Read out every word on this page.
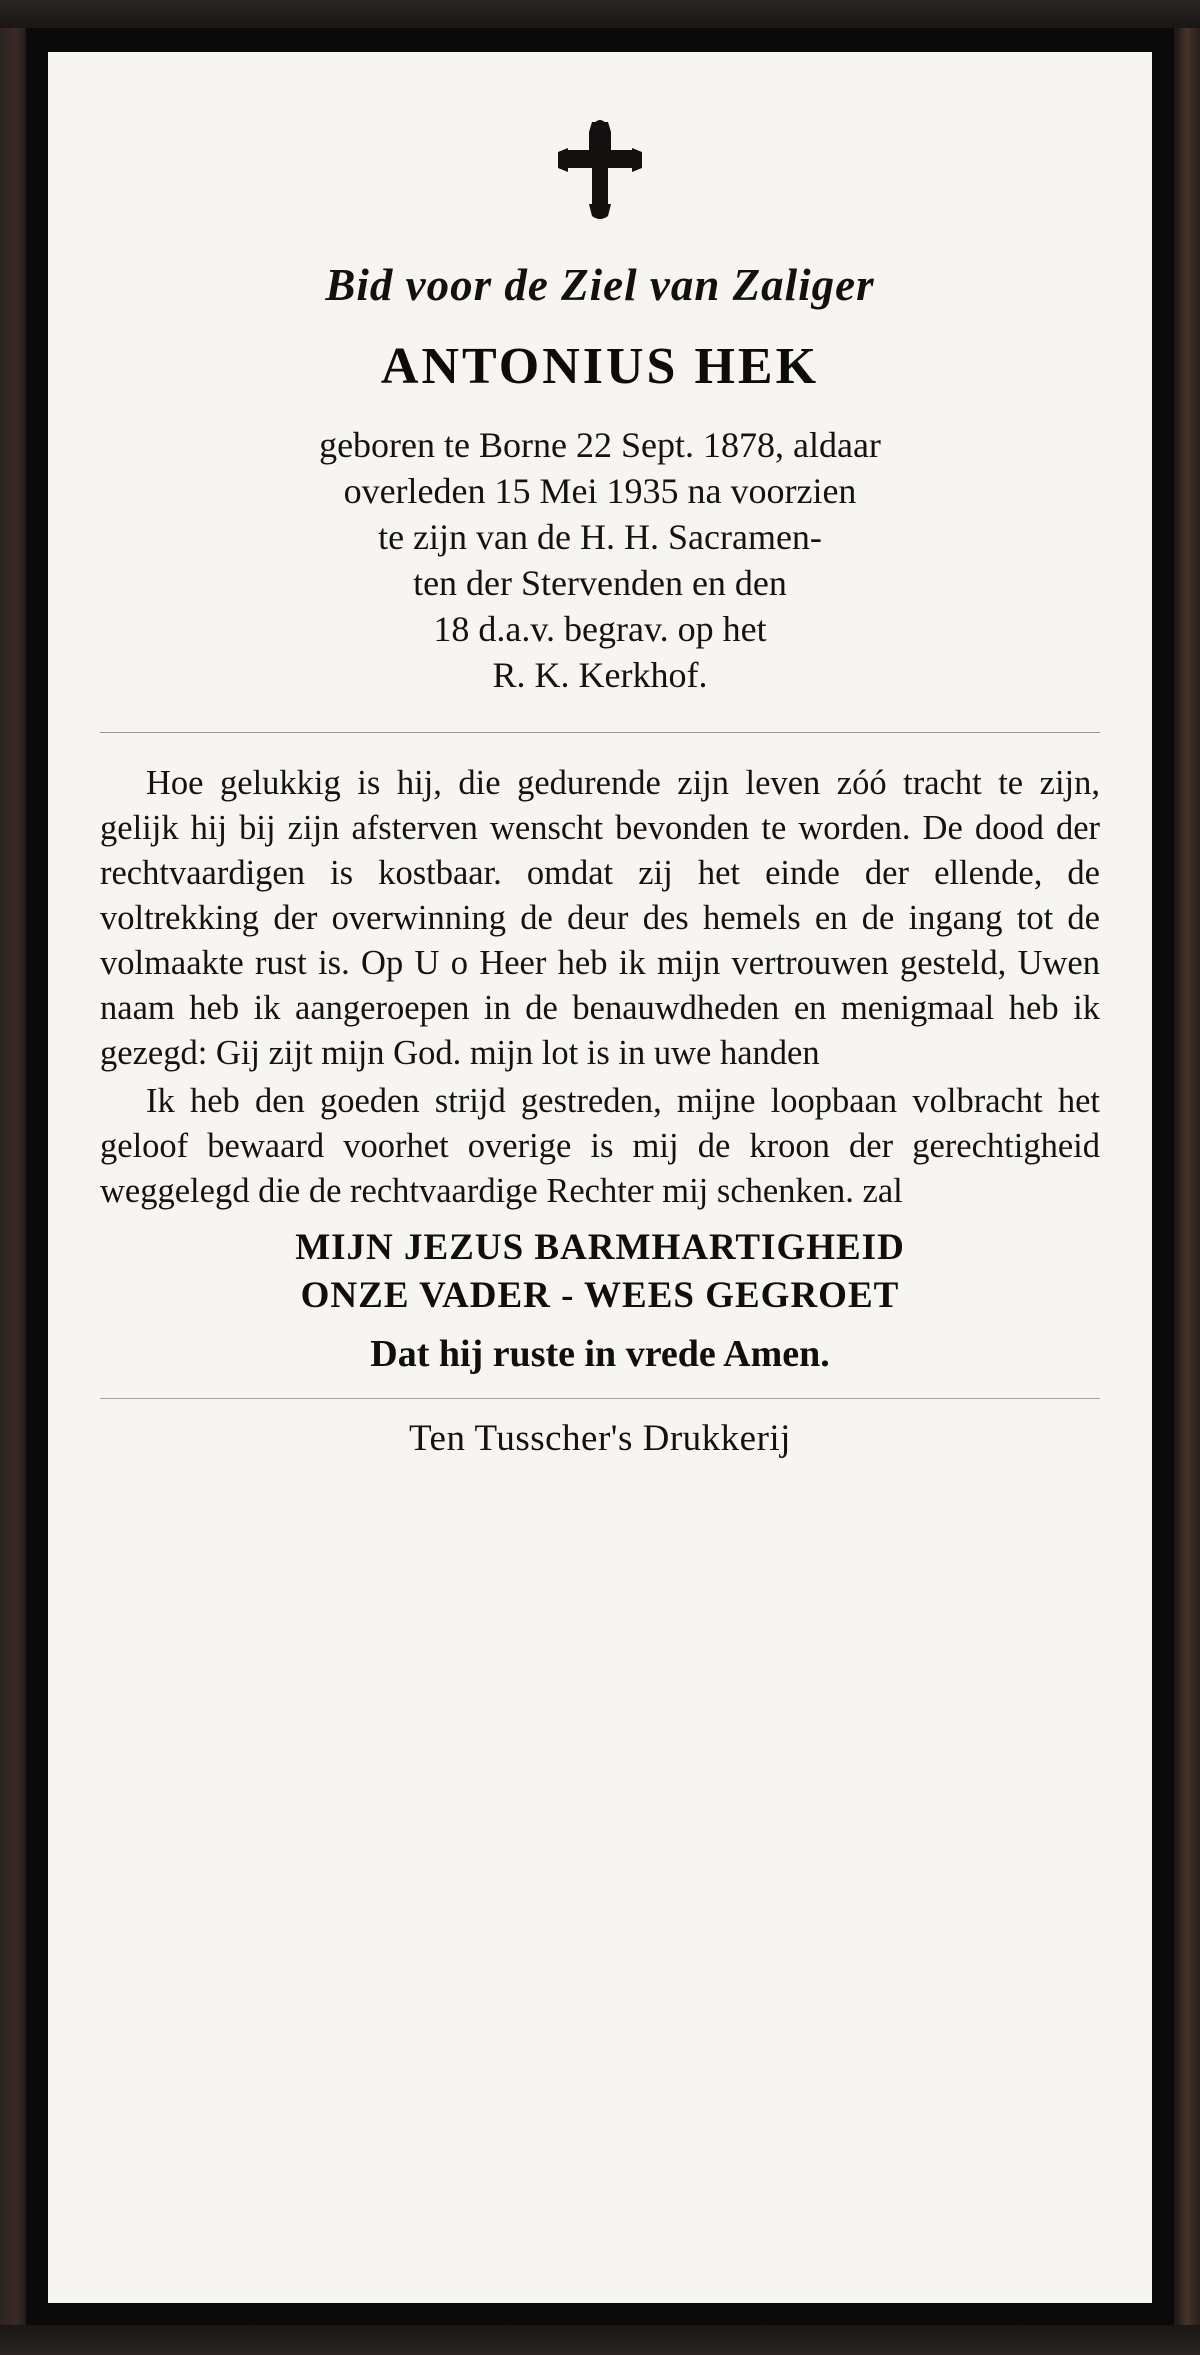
Bid voor de Ziel van Zaliger
ANTONIUS HEK
geboren te Borne 22 Sept. 1878, aldaar
overleden 15 Mei 1935 na voorzien
te zijn van de H. H. Sacramen-
ten der Stervenden en den
18 d.a.v. begrav. op het
R. K. Kerkhof.

Hoe gelukkig is hij, die gedurende zijn leven zóó tracht te zijn, gelijk hij bij zijn afsterven wenscht bevonden te worden. De dood der rechtvaardigen is kostbaar. omdat zij het einde der ellende, de voltrekking der overwinning de deur des hemels en de ingang tot de volmaakte rust is. Op U o Heer heb ik mijn vertrouwen gesteld, Uwen naam heb ik aangeroepen in de benauwdheden en menigmaal heb ik gezegd: Gij zijt mijn God. mijn lot is in uwe handen

Ik heb den goeden strijd gestreden, mijne loopbaan volbracht het geloof bewaard voorhet overige is mij de kroon der gerechtigheid weggelegd die de rechtvaardige Rechter mij schenken. zal

MIJN JEZUS BARMHARTIGHEID
ONZE VADER - WEES GEGROET
Dat hij ruste in vrede Amen.
Ten Tusscher's Drukkerij
